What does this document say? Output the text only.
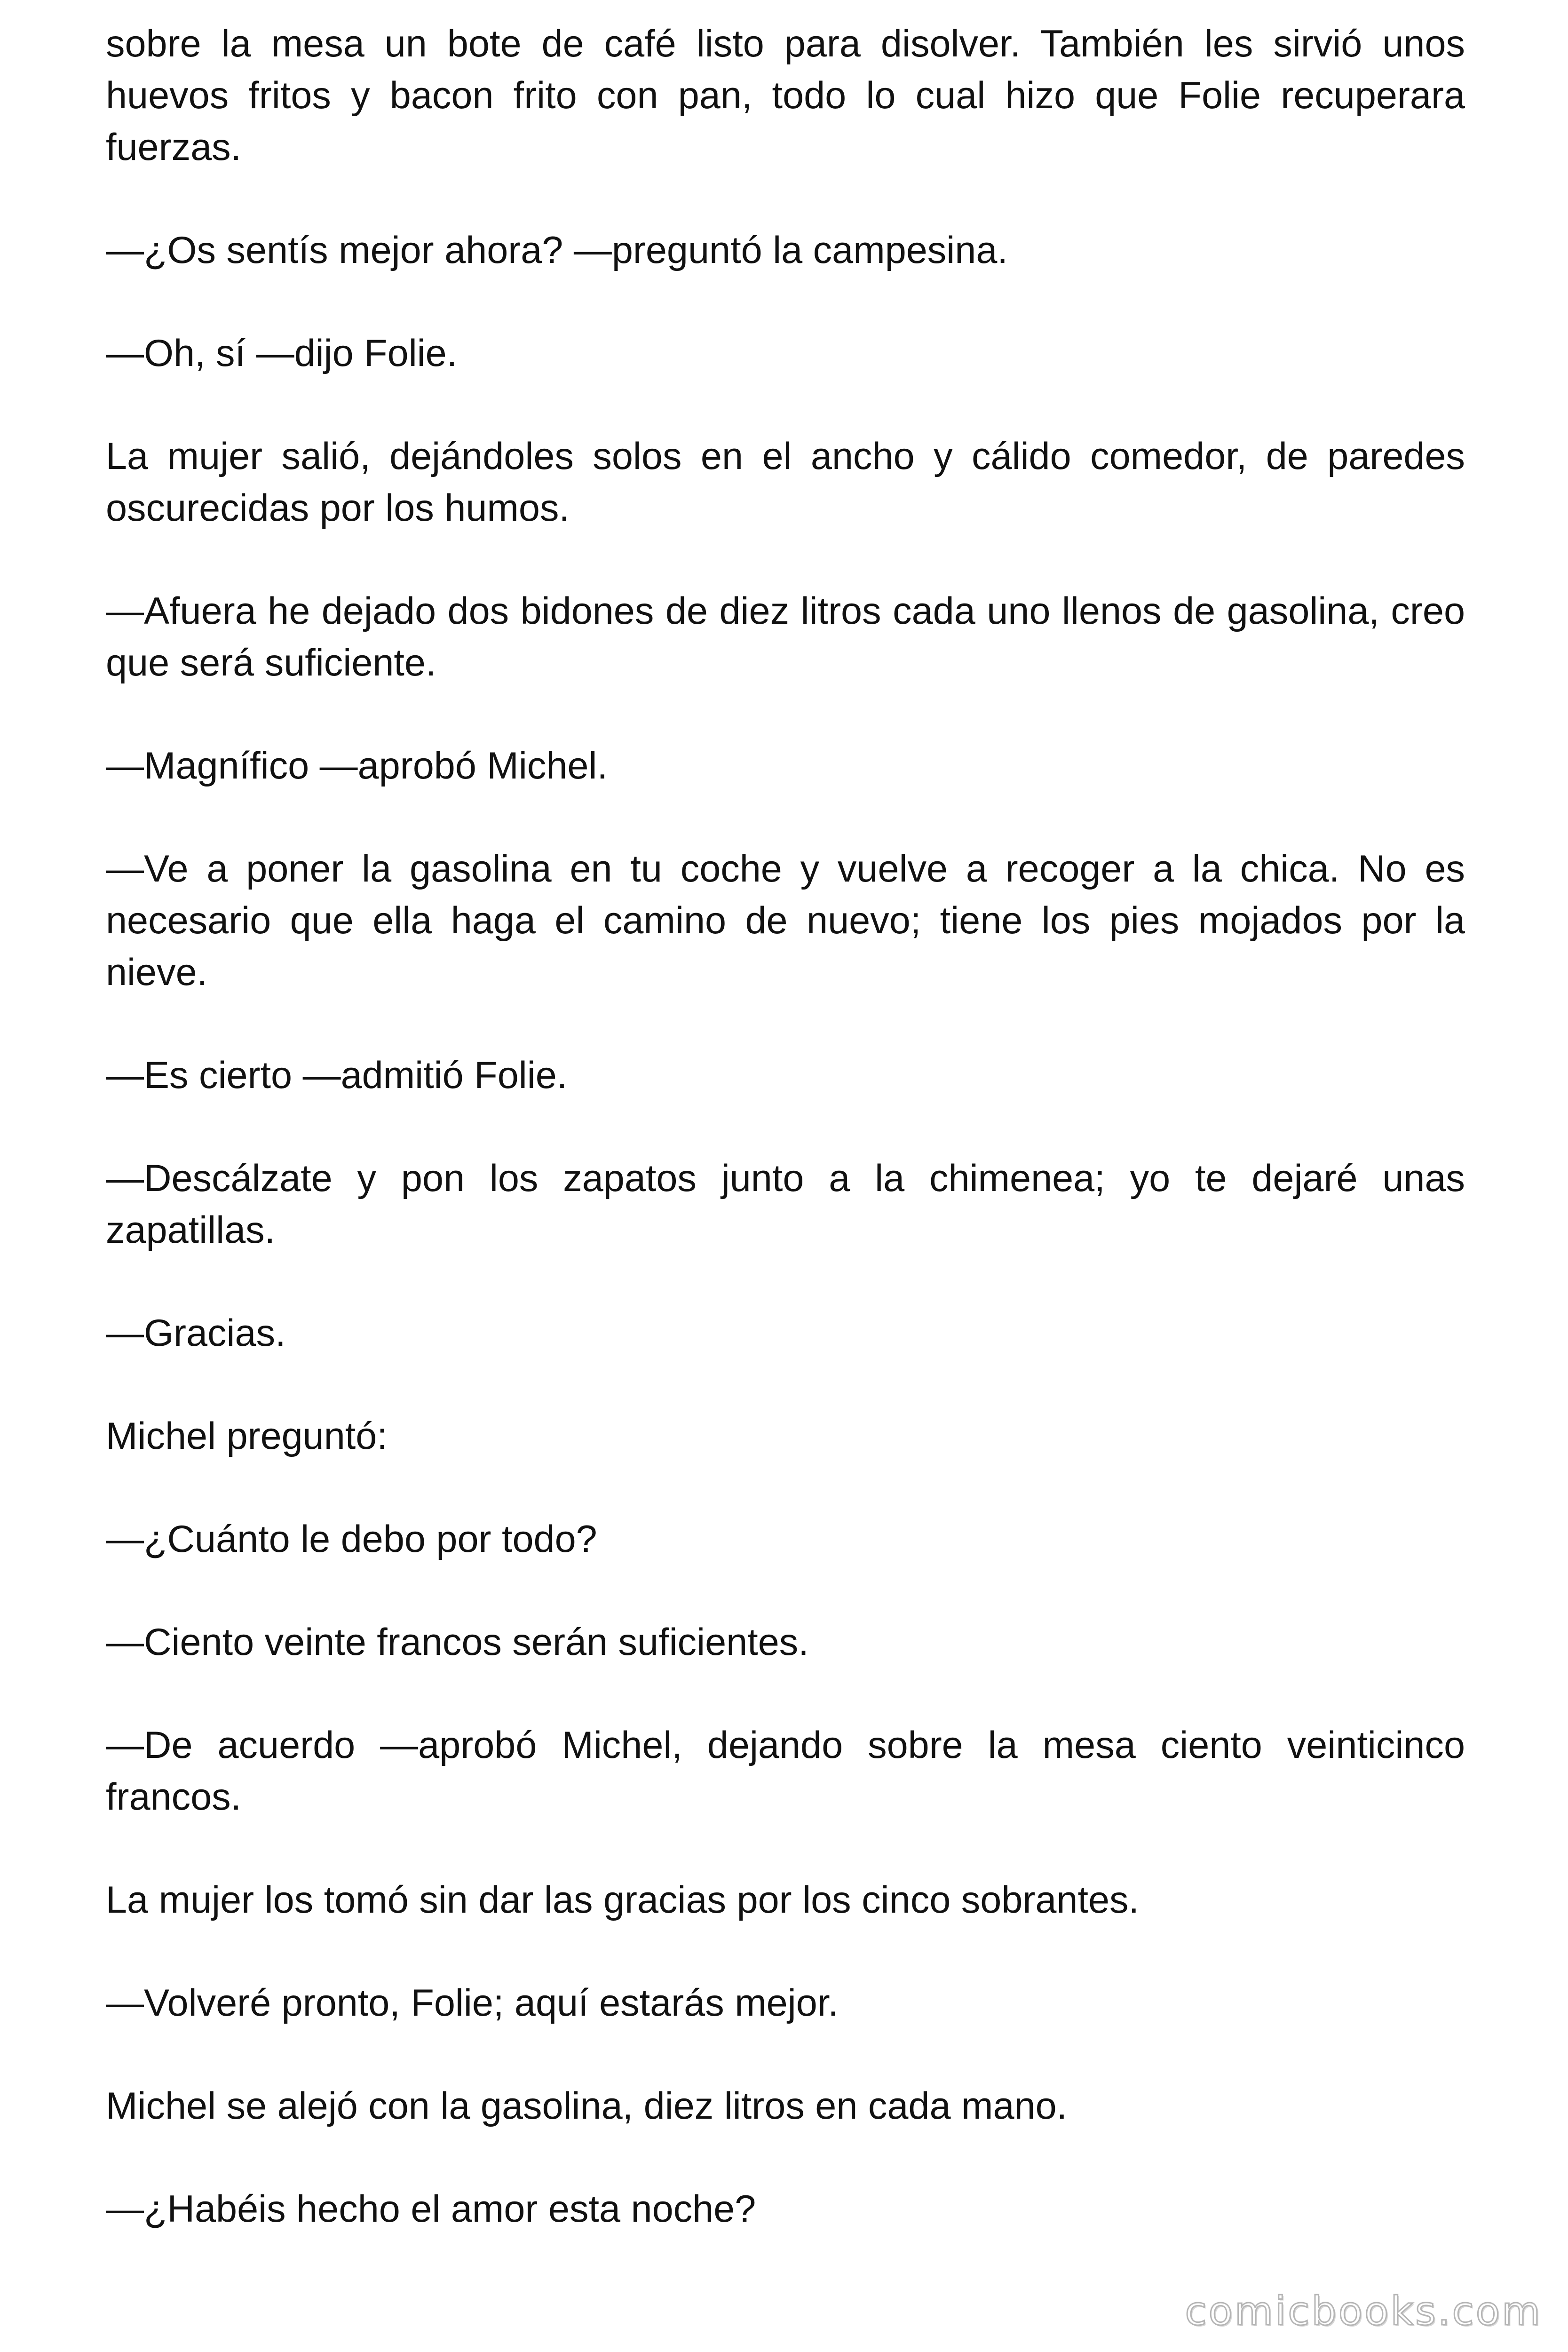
sobre la mesa un bote de café listo para disolver. También les sirvió unos huevos fritos y bacon frito con pan, todo lo cual hizo que Folie recuperara fuerzas.

—¿Os sentís mejor ahora? —preguntó la campesina.

—Oh, sí —dijo Folie.

La mujer salió, dejándoles solos en el ancho y cálido comedor, de paredes oscurecidas por los humos.

—Afuera he dejado dos bidones de diez litros cada uno llenos de gasolina, creo que será suficiente.

—Magnífico —aprobó Michel.

—Ve a poner la gasolina en tu coche y vuelve a recoger a la chica. No es necesario que ella haga el camino de nuevo; tiene los pies mojados por la nieve.

—Es cierto —admitió Folie.

—Descálzate y pon los zapatos junto a la chimenea; yo te dejaré unas zapatillas.

—Gracias.

Michel preguntó:

—¿Cuánto le debo por todo?

—Ciento veinte francos serán suficientes.

—De acuerdo —aprobó Michel, dejando sobre la mesa ciento veinticinco francos.

La mujer los tomó sin dar las gracias por los cinco sobrantes.

—Volveré pronto, Folie; aquí estarás mejor.

Michel se alejó con la gasolina, diez litros en cada mano.

—¿Habéis hecho el amor esta noche?

comicbooks.com
